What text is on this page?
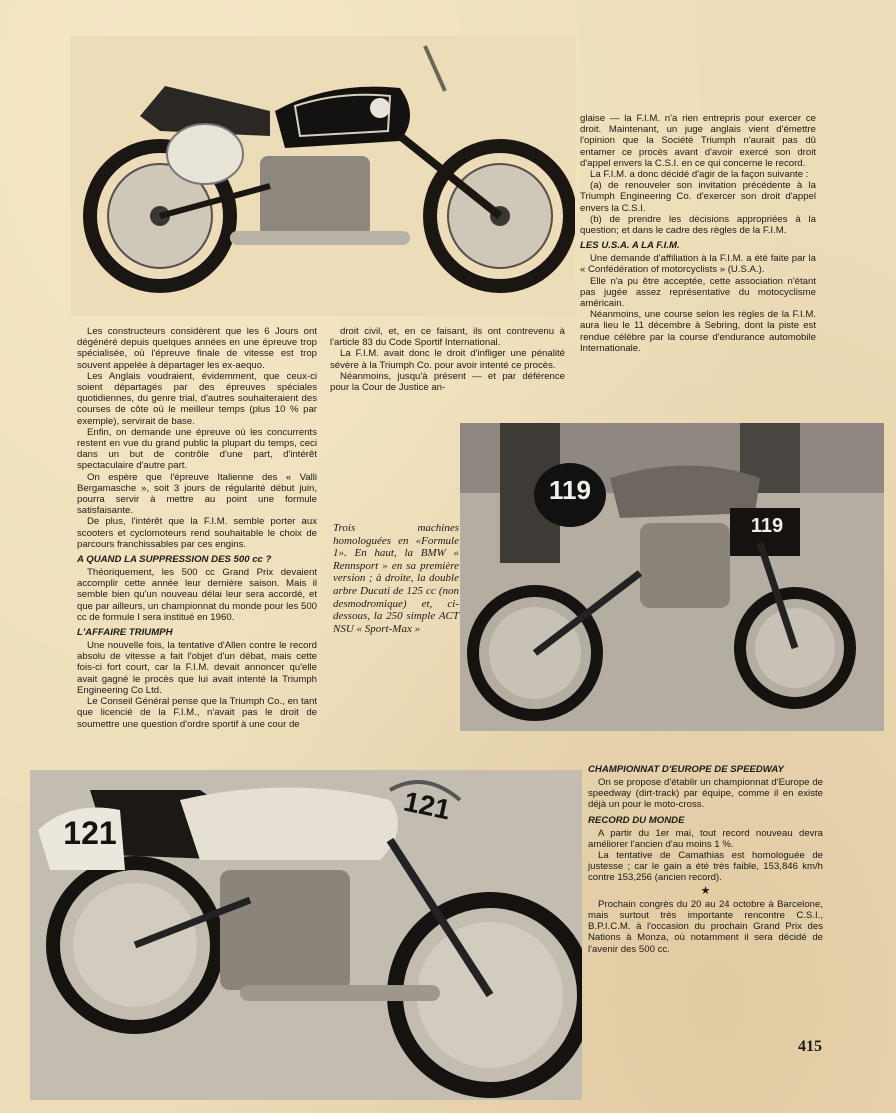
119
119
121
121

Les constructeurs considèrent que les 6 Jours ont dégénéré depuis quelques années en une épreuve trop spécialisée, où l'épreuve finale de vitesse est trop souvent appelée à départager les ex-aequo.

Les Anglais voudraient, évidemment, que ceux-ci soient départagés par des épreuves spéciales quotidiennes, du genre trial, d'autres souhaiteraient des courses de côte où le meilleur temps (plus 10 % par exemple), servirait de base.

Enfin, on demande une épreuve où les concurrents restent en vue du grand public la plupart du temps, ceci dans un but de contrôle d'une part, d'intérêt spectaculaire d'autre part.

On espère que l'épreuve Italienne des « Valli Bergamasche », soit 3 jours de régularité début juin, pourra servir à mettre au point une formule satisfaisante.

De plus, l'intérêt que la F.I.M. semble porter aux scooters et cyclomoteurs rend souhaitable le choix de parcours franchissables par ces engins.

A QUAND LA SUPPRESSION DES 500 cc ?

Théoriquement, les 500 cc Grand Prix devaient accomplir cette année leur dernière saison. Mais il semble bien qu'un nouveau délai leur sera accordé, et que par ailleurs, un championnat du monde pour les 500 cc de formule I sera institué en 1960.

L'AFFAIRE TRIUMPH

Une nouvelle fois, la tentative d'Allen contre le record absolu de vitesse a fait l'objet d'un débat, mais cette fois-ci fort court, car la F.I.M. devait annoncer qu'elle avait gagné le procès que lui avait intenté la Triumph Engineering Co Ltd.

Le Conseil Général pense que la Triumph Co., en tant que licencié de la F.I.M., n'avait pas le droit de soumettre une question d'ordre sportif à une cour de

droit civil, et, en ce faisant, ils ont contrevenu à l'article 83 du Code Sportif International.

La F.I.M. avait donc le droit d'infliger une pénalité sévère à la Triumph Co. pour avoir intenté ce procès.

Néanmoins, jusqu'à présent — et par déférence pour la Cour de Justice an-

Trois machines homologuées en «Formule 1». En haut, la BMW « Rennsport » en sa première version ; à droite, la double arbre Ducati de 125 cc (non desmodromique) et, ci-dessous, la 250 simple ACT NSU « Sport-Max »

glaise — la F.I.M. n'a rien entrepris pour exercer ce droit. Maintenant, un juge anglais vient d'émettre l'opinion que la Société Triumph n'aurait pas dû entamer ce procès avant d'avoir exercé son droit d'appel envers la C.S.I. en ce qui concerne le record.

La F.I.M. a donc décidé d'agir de la façon suivante :

(a) de renouveler son invitation précédente à la Triumph Engineering Co. d'exercer son droit d'appel envers la C.S.I.

(b) de prendre les décisions appropriées à la question; et dans le cadre des règles de la F.I.M.

LES U.S.A. A LA F.I.M.

Une demande d'affiliation à la F.I.M. a été faite par la « Confédération of motorcyclists » (U.S.A.).

Elle n'a pu être acceptée, cette association n'étant pas jugée assez représentative du motocyclisme américain.

Néanmoins, une course selon les règles de la F.I.M. aura lieu le 11 décembre à Sebring, dont la piste est rendue célèbre par la course d'endurance automobile Internationale.

CHAMPIONNAT D'EUROPE DE SPEEDWAY

On se propose d'établir un championnat d'Europe de speedway (dirt-track) par équipe, comme il en existe déjà un pour le moto-cross.

RECORD DU MONDE

A partir du 1er mai, tout record nouveau devra améliorer l'ancien d'au moins 1 %.

La tentative de Camathias est homologuée de justesse ; car le gain a été très faible, 153,846 km/h contre 153,256 (ancien record).

★

Prochain congrès du 20 au 24 octobre à Barcelone, mais surtout très importante rencontre C.S.I., B.P.I.C.M. à l'occasion du prochain Grand Prix des Nations à Monza, où notamment il sera décidé de l'avenir des 500 cc.

415
